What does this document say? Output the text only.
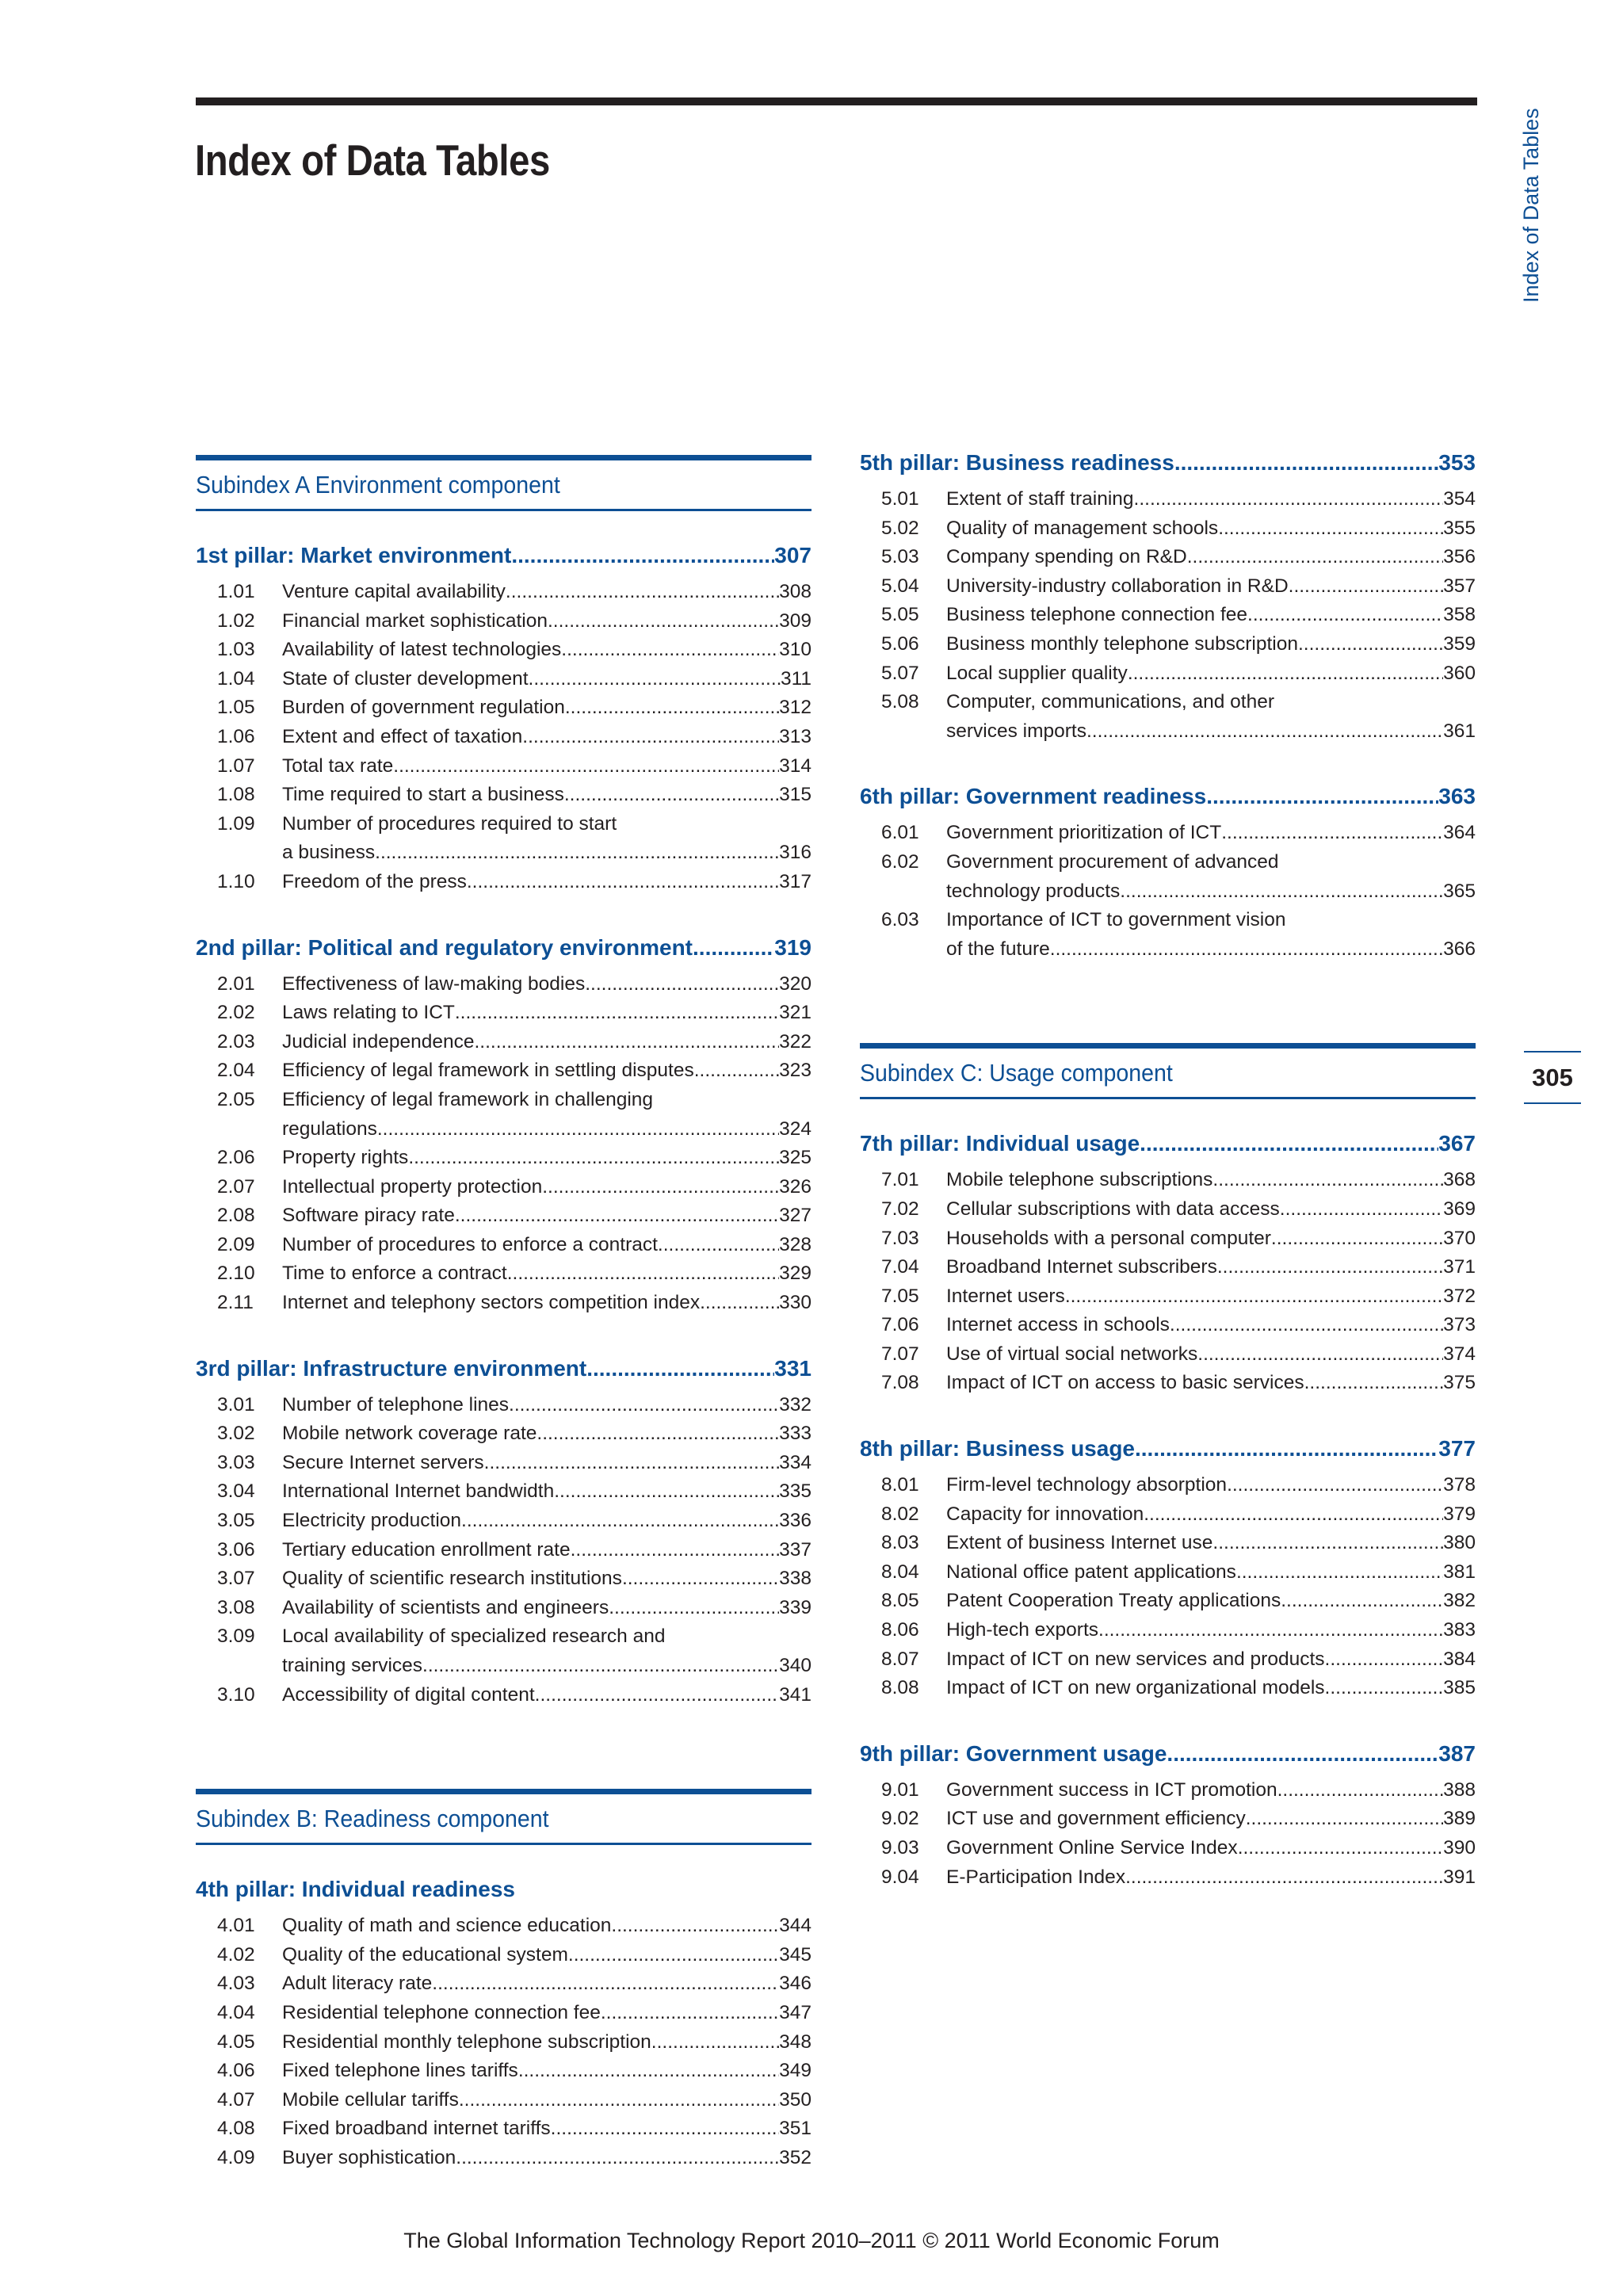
Index of Data Tables	Index of Data Tables
305
Subindex A Environment component
1st pillar: Market environment .....	307
1.01	Venture capital availability .....	308
1.02	Financial market sophistication .....	309
1.03	Availability of latest technologies .....	310
1.04	State of cluster development .....	311
1.05	Burden of government regulation .....	312
1.06	Extent and effect of taxation .....	313
1.07	Total tax rate .....	314
1.08	Time required to start a business .....	315
1.09	Number of procedures required to start
a business .....	316
1.10	Freedom of the press .....	317
2nd pillar: Political and regulatory environment .....	319
2.01	Effectiveness of law-making bodies .....	320
2.02	Laws relating to ICT .....	321
2.03	Judicial independence .....	322
2.04	Efficiency of legal framework in settling disputes .....	323
2.05	Efficiency of legal framework in challenging
regulations .....	324
2.06	Property rights .....	325
2.07	Intellectual property protection .....	326
2.08	Software piracy rate .....	327
2.09	Number of procedures to enforce a contract .....	328
2.10	Time to enforce a contract .....	329
2.11	Internet and telephony sectors competition index .....	330
3rd pillar: Infrastructure environment .....	331
3.01	Number of telephone lines .....	332
3.02	Mobile network coverage rate .....	333
3.03	Secure Internet servers .....	334
3.04	International Internet bandwidth .....	335
3.05	Electricity production .....	336
3.06	Tertiary education enrollment rate .....	337
3.07	Quality of scientific research institutions .....	338
3.08	Availability of scientists and engineers .....	339
3.09	Local availability of specialized research and
training services .....	340
3.10	Accessibility of digital content .....	341
Subindex B: Readiness component
4th pillar: Individual readiness
4.01	Quality of math and science education .....	344
4.02	Quality of the educational system .....	345
4.03	Adult literacy rate .....	346
4.04	Residential telephone connection fee .....	347
4.05	Residential monthly telephone subscription .....	348
4.06	Fixed telephone lines tariffs .....	349
4.07	Mobile cellular tariffs .....	350
4.08	Fixed broadband internet tariffs .....	351
4.09	Buyer sophistication .....	352
5th pillar: Business readiness .....	353
5.01	Extent of staff training .....	354
5.02	Quality of management schools .....	355
5.03	Company spending on R&D .....	356
5.04	University-industry collaboration in R&D .....	357
5.05	Business telephone connection fee .....	358
5.06	Business monthly telephone subscription .....	359
5.07	Local supplier quality .....	360
5.08	Computer, communications, and other
services imports .....	361
6th pillar: Government readiness .....	363
6.01	Government prioritization of ICT .....	364
6.02	Government procurement of advanced
technology products .....	365
6.03	Importance of ICT to government vision
of the future .....	366
Subindex C: Usage component
7th pillar: Individual usage .....	367
7.01	Mobile telephone subscriptions .....	368
7.02	Cellular subscriptions with data access .....	369
7.03	Households with a personal computer .....	370
7.04	Broadband Internet subscribers .....	371
7.05	Internet users .....	372
7.06	Internet access in schools .....	373
7.07	Use of virtual social networks .....	374
7.08	Impact of ICT on access to basic services .....	375
8th pillar: Business usage .....	377
8.01	Firm-level technology absorption .....	378
8.02	Capacity for innovation .....	379
8.03	Extent of business Internet use .....	380
8.04	National office patent applications .....	381
8.05	Patent Cooperation Treaty applications .....	382
8.06	High-tech exports .....	383
8.07	Impact of ICT on new services and products .....	384
8.08	Impact of ICT on new organizational models .....	385
9th pillar: Government usage .....	387
9.01	Government success in ICT promotion .....	388
9.02	ICT use and government efficiency .....	389
9.03	Government Online Service Index .....	390
9.04	E-Participation Index .....	391
The Global Information Technology Report 2010–2011 © 2011 World Economic Forum
